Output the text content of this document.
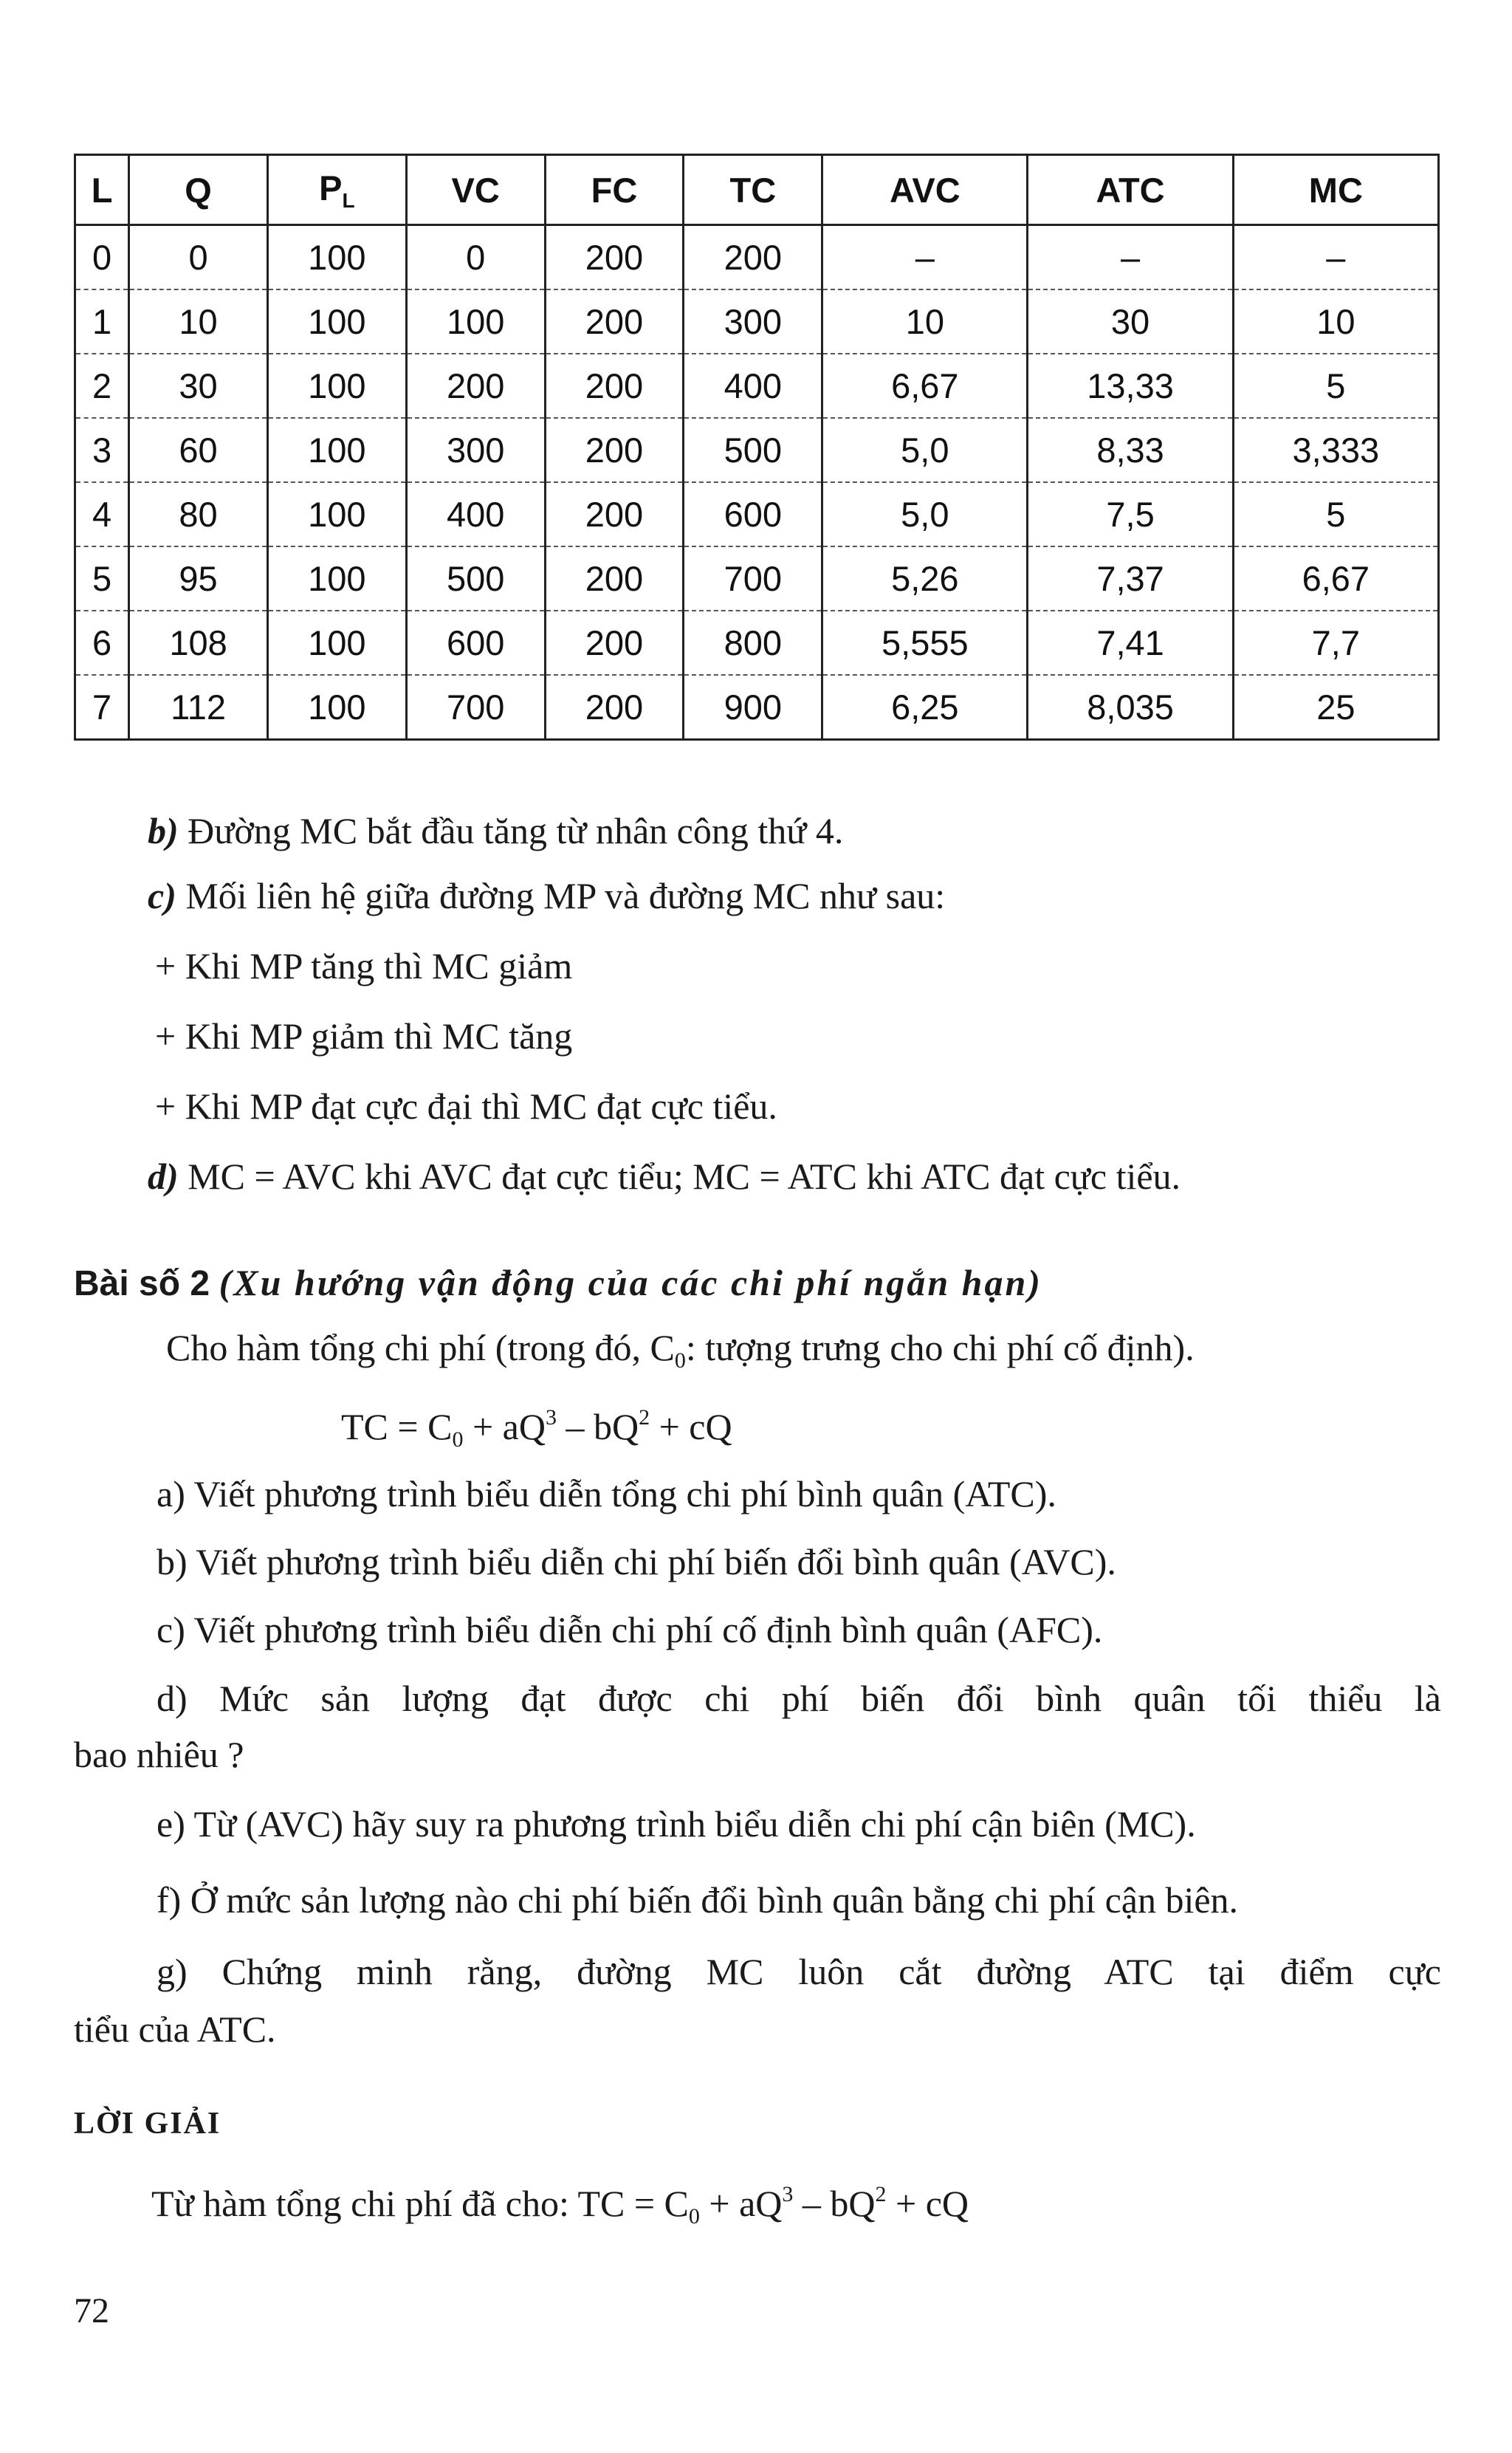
L	Q	$P_L$	VC	FC	TC	AVC	ATC	MC
0	0	100	0	200	200	–	–	–
1	10	100	100	200	300	10	30	10
2	30	100	200	200	400	6,67	13,33	5
3	60	100	300	200	500	5,0	8,33	3,333
4	80	100	400	200	600	5,0	7,5	5
5	95	100	500	200	700	5,26	7,37	6,67
6	108	100	600	200	800	5,555	7,41	7,7
7	112	100	700	200	900	6,25	8,035	25
b) Đường MC bắt đầu tăng từ nhân công thứ 4.
c) Mối liên hệ giữa đường MP và đường MC như sau:
+ Khi MP tăng thì MC giảm
+ Khi MP giảm thì MC tăng
+ Khi MP đạt cực đại thì MC đạt cực tiểu.
d) MC = AVC khi AVC đạt cực tiểu; MC = ATC khi ATC đạt cực tiểu.
Bài số 2 (Xu hướng vận động của các chi phí ngắn hạn)
Cho hàm tổng chi phí (trong đó, $C_0$: tượng trưng cho chi phí cố định).
TC = $C_0 + aQ^3 - bQ^2$ + cQ
a) Viết phương trình biểu diễn tổng chi phí bình quân (ATC).
b) Viết phương trình biểu diễn chi phí biến đổi bình quân (AVC).
c) Viết phương trình biểu diễn chi phí cố định bình quân (AFC).
d) Mức sản lượng đạt được chi phí biến đổi bình quân tối thiểu là
bao nhiêu ?
e) Từ (AVC) hãy suy ra phương trình biểu diễn chi phí cận biên (MC).
f) Ở mức sản lượng nào chi phí biến đổi bình quân bằng chi phí cận biên.
g) Chứng minh rằng, đường MC luôn cắt đường ATC tại điểm cực
tiểu của ATC.
LỜI GIẢI
Từ hàm tổng chi phí đã cho: TC = $C_0 + aQ^3 - bQ^2$ + cQ
72
